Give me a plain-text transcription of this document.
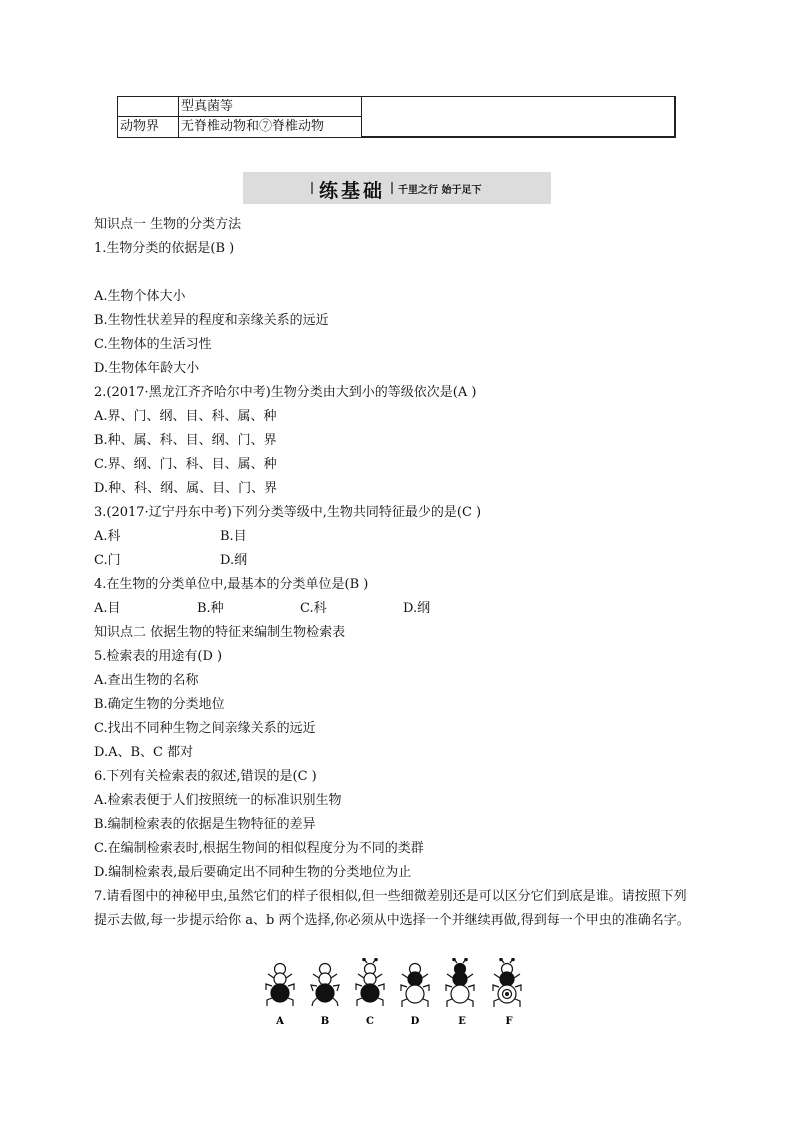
	型真菌等	
动物界	无脊椎动物和⑦脊椎动物	
练基础 千里之行 始于足下
知识点一 生物的分类方法
1.生物分类的依据是(B )
A.生物个体大小
B.生物性状差异的程度和亲缘关系的远近
C.生物体的生活习性
D.生物体年龄大小
2.(2017·黑龙江齐齐哈尔中考)生物分类由大到小的等级依次是(A )
A.界、门、纲、目、科、属、种
B.种、属、科、目、纲、门、界
C.界、纲、门、科、目、属、种
D.种、科、纲、属、目、门、界
3.(2017·辽宁丹东中考)下列分类等级中,生物共同特征最少的是(C )
A.科	B.目
C.门	D.纲
4.在生物的分类单位中,最基本的分类单位是(B )
A.目	B.种	C.科	D.纲
知识点二 依据生物的特征来编制生物检索表
5.检索表的用途有(D )
A.查出生物的名称
B.确定生物的分类地位
C.找出不同种生物之间亲缘关系的远近
D.A、B、C 都对
6.下列有关检索表的叙述,错误的是(C )
A.检索表便于人们按照统一的标准识别生物
B.编制检索表的依据是生物特征的差异
C.在编制检索表时,根据生物间的相似程度分为不同的类群
D.编制检索表,最后要确定出不同种生物的分类地位为止
7.请看图中的神秘甲虫,虽然它们的样子很相似,但一些细微差别还是可以区分它们到底是谁。请按照下列提示去做,每一步提示给你 a、b 两个选择,你必须从中选择一个并继续再做,得到每一个甲虫的准确名字。
A	B	C	D	E	F
